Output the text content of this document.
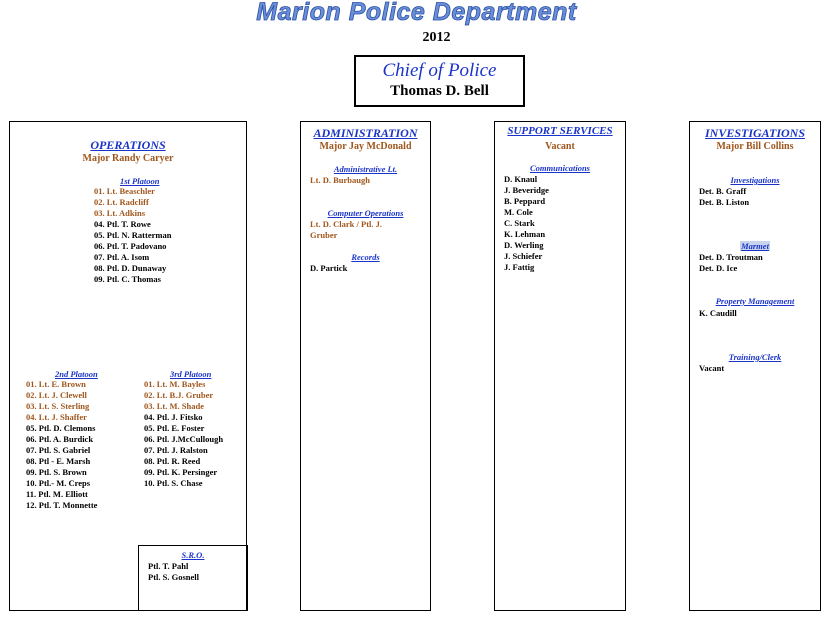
Marion Police Department
2012
Chief of Police
Thomas D. Bell
OPERATIONS
Major Randy Caryer
1st Platoon
01. Lt. Beaschler
02. Lt. Radcliff
03. Lt. Adkins
04. Ptl. T. Rowe
05. Ptl. N. Ratterman
06. Ptl. T. Padovano
07. Ptl. A. Isom
08. Ptl. D. Dunaway
09. Ptl. C. Thomas
2nd Platoon
01. Lt. E. Brown
02. Lt. J. Clewell
03. Lt. S. Sterling
04. Lt. J. Shaffer
05. Ptl. D. Clemons
06. Ptl. A. Burdick
07. Ptl. S. Gabriel
08. Ptl - E. Marsh
09. Ptl. S. Brown
10. Ptl.- M. Creps
11. Ptl. M. Elliott
12. Ptl. T. Monnette
3rd Platoon
01. Lt. M. Bayles
02. Lt. B.J. Gruber
03. Lt. M. Shade
04. Ptl. J. Fitsko
05. Ptl. E. Foster
06. Ptl. J.McCullough
07. Ptl. J. Ralston
08. Ptl. R. Reed
09. Ptl. K. Persinger
10. Ptl. S. Chase
S.R.O.
Ptl. T. Pahl
Ptl. S. Gosnell
ADMINISTRATION
Major Jay McDonald
Administrative Lt.
Lt. D. Burbaugh
Computer Operations
Lt. D. Clark / Ptl. J.
Gruber
Records
D. Partick
SUPPORT SERVICES
Vacant
Communications
D. Knaul
J. Beveridge
B. Peppard
M. Cole
C. Stark
K. Lehman
D. Werling
J. Schiefer
J. Fattig
INVESTIGATIONS
Major Bill Collins
Investigations
Det. B. Graff
Det. B. Liston
Marmet
Det. D. Troutman
Det. D. Ice
Property Management
K. Caudill
Training/Clerk
Vacant
